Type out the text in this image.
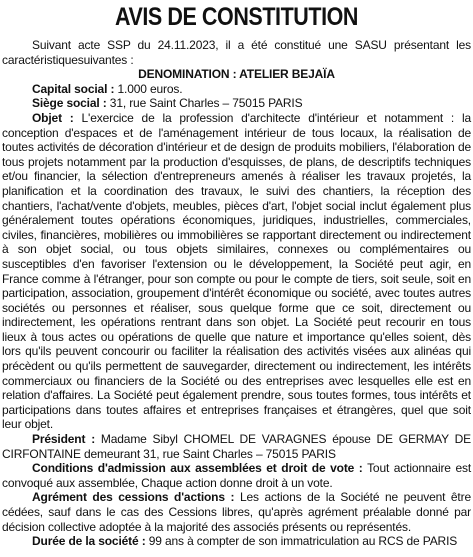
AVIS DE CONSTITUTION

Suivant acte SSP du 24.11.2023, il a été constitué une SASU présentant les caractéristiquesuivantes :

DENOMINATION : ATELIER BEJAÏA

Capital social : 1.000 euros.

Siège social : 31, rue Saint Charles – 75015 PARIS

Objet : L'exercice de la profession d'architecte d'intérieur et notamment : la conception d'espaces et de l'aménagement intérieur de tous locaux, la réalisation de toutes activités de décoration d'intérieur et de design de produits mobiliers, l'élaboration de tous projets notamment par la production d'esquisses, de plans, de descriptifs techniques et/ou financier, la sélection d'entrepreneurs amenés à réaliser les travaux projetés, la planification et la coordination des travaux, le suivi des chantiers, la réception des chantiers, l'achat/vente d'objets, meubles, pièces d'art, l'objet social inclut également plus généralement toutes opérations économiques, juridiques, industrielles, commerciales, civiles, financières, mobilières ou immobilières se rapportant directement ou indirectement à son objet social, ou tous objets similaires, connexes ou complémentaires ou susceptibles d'en favoriser l'extension ou le développement, la Société peut agir, en France comme à l'étranger, pour son compte ou pour le compte de tiers, soit seule, soit en participation, association, groupement d'intérêt économique ou société, avec toutes autres sociétés ou personnes et réaliser, sous quelque forme que ce soit, directement ou indirectement, les opérations rentrant dans son objet. La Société peut recourir en tous lieux à tous actes ou opérations de quelle que nature et importance qu'elles soient, dès lors qu'ils peuvent concourir ou faciliter la réalisation des activités visées aux alinéas qui précèdent ou qu'ils permettent de sauvegarder, directement ou indirectement, les intérêts commerciaux ou financiers de la Société ou des entreprises avec lesquelles elle est en relation d'affaires. La Société peut également prendre, sous toutes formes, tous intérêts et participations dans toutes affaires et entreprises françaises et étrangères, quel que soit leur objet.

Président : Madame Sibyl CHOMEL DE VARAGNES épouse DE GERMAY DE CIRFONTAINE demeurant 31, rue Saint Charles – 75015 PARIS

Conditions d'admission aux assemblées et droit de vote : Tout actionnaire est convoqué aux assemblée, Chaque action donne droit à un vote.

Agrément des cessions d'actions : Les actions de la Société ne peuvent être cédées, sauf dans le cas des Cessions libres, qu'après agrément préalable donné par décision collective adoptée à la majorité des associés présents ou représentés.

Durée de la société : 99 ans à compter de son immatriculation au RCS de PARIS
